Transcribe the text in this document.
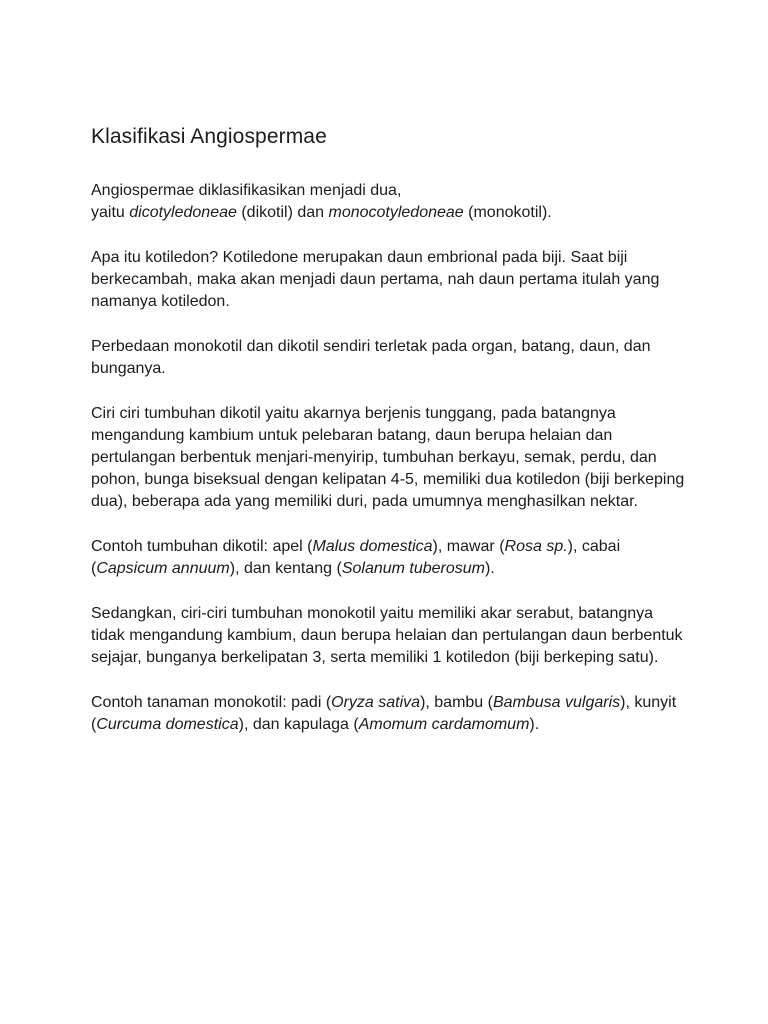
Klasifikasi Angiospermae

Angiospermae diklasifikasikan menjadi dua,
yaitu dicotyledoneae (dikotil) dan monocotyledoneae (monokotil).

Apa itu kotiledon? Kotiledone merupakan daun embrional pada biji. Saat biji berkecambah, maka akan menjadi daun pertama, nah daun pertama itulah yang namanya kotiledon.

Perbedaan monokotil dan dikotil sendiri terletak pada organ, batang, daun, dan bunganya.

Ciri ciri tumbuhan dikotil yaitu akarnya berjenis tunggang, pada batangnya mengandung kambium untuk pelebaran batang, daun berupa helaian dan pertulangan berbentuk menjari-menyirip, tumbuhan berkayu, semak, perdu, dan pohon, bunga biseksual dengan kelipatan 4-5, memiliki dua kotiledon (biji berkeping dua), beberapa ada yang memiliki duri, pada umumnya menghasilkan nektar.

Contoh tumbuhan dikotil: apel (Malus domestica), mawar (Rosa sp.), cabai (Capsicum annuum), dan kentang (Solanum tuberosum).

Sedangkan, ciri-ciri tumbuhan monokotil yaitu memiliki akar serabut, batangnya tidak mengandung kambium, daun berupa helaian dan pertulangan daun berbentuk sejajar, bunganya berkelipatan 3, serta memiliki 1 kotiledon (biji berkeping satu).

Contoh tanaman monokotil: padi (Oryza sativa), bambu (Bambusa vulgaris), kunyit (Curcuma domestica), dan kapulaga (Amomum cardamomum).
